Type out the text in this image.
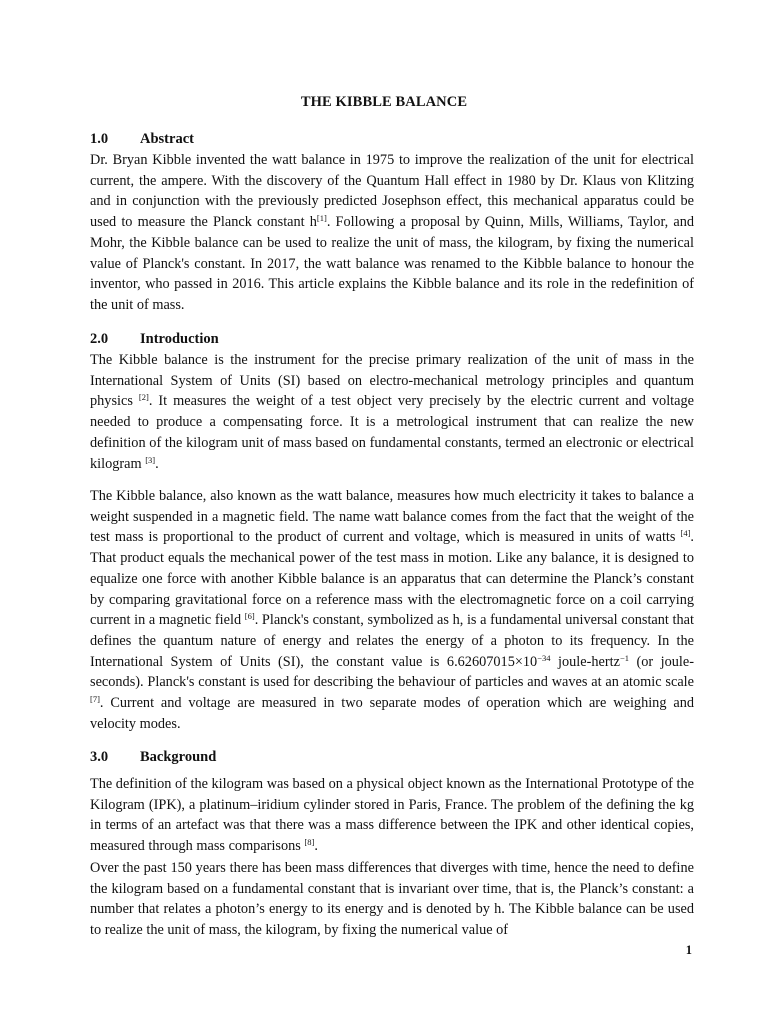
THE KIBBLE BALANCE
1.0 Abstract
Dr. Bryan Kibble invented the watt balance in 1975 to improve the realization of the unit for electrical current, the ampere. With the discovery of the Quantum Hall effect in 1980 by Dr. Klaus von Klitzing and in conjunction with the previously predicted Josephson effect, this mechanical apparatus could be used to measure the Planck constant h[1]. Following a proposal by Quinn, Mills, Williams, Taylor, and Mohr, the Kibble balance can be used to realize the unit of mass, the kilogram, by fixing the numerical value of Planck's constant. In 2017, the watt balance was renamed to the Kibble balance to honour the inventor, who passed in 2016. This article explains the Kibble balance and its role in the redefinition of the unit of mass.
2.0 Introduction
The Kibble balance is the instrument for the precise primary realization of the unit of mass in the International System of Units (SI) based on electro-mechanical metrology principles and quantum physics [2]. It measures the weight of a test object very precisely by the electric current and voltage needed to produce a compensating force. It is a metrological instrument that can realize the new definition of the kilogram unit of mass based on fundamental constants, termed an electronic or electrical kilogram [3].
The Kibble balance, also known as the watt balance, measures how much electricity it takes to balance a weight suspended in a magnetic field. The name watt balance comes from the fact that the weight of the test mass is proportional to the product of current and voltage, which is measured in units of watts [4]. That product equals the mechanical power of the test mass in motion. Like any balance, it is designed to equalize one force with another Kibble balance is an apparatus that can determine the Planck’s constant by comparing gravitational force on a reference mass with the electromagnetic force on a coil carrying current in a magnetic field [6]. Planck's constant, symbolized as h, is a fundamental universal constant that defines the quantum nature of energy and relates the energy of a photon to its frequency. In the International System of Units (SI), the constant value is $6.62607015\times 10^{-34}$ joule-hertz$^{-1}$ (or joule-seconds). Planck's constant is used for describing the behaviour of particles and waves at an atomic scale [7]. Current and voltage are measured in two separate modes of operation which are weighing and velocity modes.
3.0 Background
The definition of the kilogram was based on a physical object known as the International Prototype of the Kilogram (IPK), a platinum–iridium cylinder stored in Paris, France. The problem of the defining the kg in terms of an artefact was that there was a mass difference between the IPK and other identical copies, measured through mass comparisons [8].
Over the past 150 years there has been mass differences that diverges with time, hence the need to define the kilogram based on a fundamental constant that is invariant over time, that is, the Planck’s constant: a number that relates a photon’s energy to its energy and is denoted by h. The Kibble balance can be used to realize the unit of mass, the kilogram, by fixing the numerical value of
1
